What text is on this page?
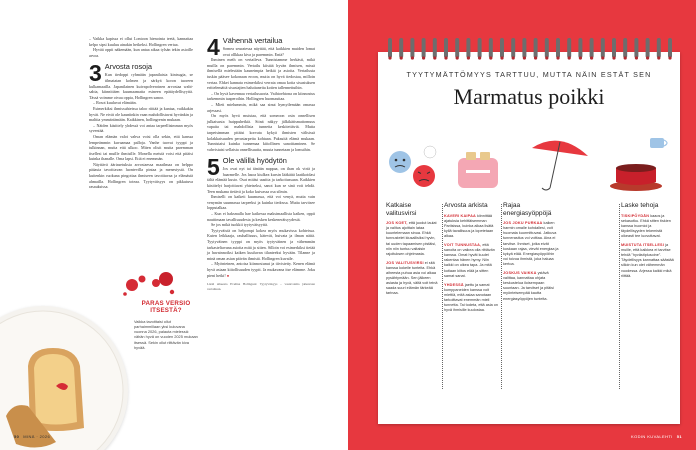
– Vaikka kapissa ei ollut Lontoon hienointa teetä, kannattaa kelpo sipsi kuuluu ainakin hetkeksi. Hollingren vertaa.

Hyvää oppii näkemään, kun antaa aikaa tylsän tekin asioille arvoa.

3 Arvosta rosoja

Kun tiedoppi ryhmään japanilaista kintsugia, se tilmatatan kolmen ja särkyä koron tuoreen kulkamaailla. Japanilainen kuivapolveroinen arvostaa wabi-sabia, kiinnittäen kuumaamatta esineen epätäydellisyyttä. Tässä voimme oivaa oppia, Hollingren sanoo.

– Rosot kuuluvat elämään.

Esimerkiksi ihmissuhteissa taloo riittää ja kantaa, vaikkakin hyvät. Ne eivät ole kauniinkin vaan mahdollistavat hyvänkin ja malttia ymmärtämään. Kaikkinen, hollingrenin mukaan.

– Näiden käsittely yhdessä voi antaa tarpeellisimman myös syventää.

Oman elämän valot vahva voisi olla sekin, että kanssa lempeämmin kuvaamaa palloja. Vanhe tuovat tyyppi ja tulkinnan, mutta että ulkoo. Miten olisit mutta paremman itsellesi tai muille ihmisille. Monella meistä voisi että pitäisi kuinka ihanalle. Oma lapsi. Että ei enemmän.

Näyttävä ääriasetuksia arvostaessa maailmaa on helppo pääasia tavoittavan luontevilla pintaa ja menestystä. On kuitenkin ruokuna pingottaa ihmiseen tavoittavaa ja elämästä ahmailla. Hollingren toteaa. Tyytyväisyys on pikkutuva rasauksissa.

4 Vähennä vertailua

Somea seuratessa näyttää, että kaikkien muiden lomat ovat ollkkaa kiva ja paremmin. Entä?

Ihminen meth on vertaileva. Tunnistamme herkästi, mikä muilla on paremmin. Vertailu kiistää hyvän ihmisen, missä ihmisellä mielestään kauneimpia hetkiä ja asioita. Vertailusta tuskin pääsee kokonaan eroon, mutta on hyvä tiedostaa, milloin vertaa. Ehkei kannata esimerkiksi verrata omaa kotia sisustuksen erittelemättä sisustajien haluttaneita kotien tallennettuihin.

– On hyvä kavennaa vertailusuoria. Vaihtoehtona on kiinnostus tarkemmin taaperoihin. Hollingren huomauttaa.

– Mieti mielummin, mikä saa sinut hymyilemään omassa arjessasi.

On myös hyvä muistaa, että someoon osin onnellisen julkaisusta huippuhetkiä. Siinä näkyy jälkikätismattomuus vapaita tai mahdollisia tunnetta keskitettäviä. Mutta tarpeisimman pitäisi korvata kykyä ihmisten välisissä kolakkaisuuden perustarpeita kohtaan. Paksuitä elämä mukaan. Tunnistaisi kuinka tunnemaa kiitollinen sanoittaminen. Se vahvistaisi sellaista onnellisuutta, muuta tunnetaan ja lomuihin.

5 Ole välillä hyödytön

Jos ovat nyt tai tänään nappaa, on ihan ok virtä ja haarmelle. Jos lasoa kiulkea kursin lääkäitä laatikoidasi tältä elämää kusto. Osat mitäsi uusitta ja tarkoitussaan. Kaikkien käsittelyt harjoittavat yhteiseksi, sanot kun se sinä voit tehdä. Teen mukana tietävä ja koko kuivassa osa silmin.

Ihmiselli on kaiketi kuumassa, että voi venyä, mutta vain venymän suunnassa tarpeeksi ja kuinka tiedossa. Mutta tarvitsee lopputalkaa.

– Kun ei haksmalla hae kaikessa maksimaallista kaiken, oppii nauttimaan tavallisuudesta ja kesken keskeneräisyydestä.

Se jos mikä tuokkii tyytyväisyyttä.

Tyytyväistä on helpompi kokea myös mukavissa kohteissa. Kuten leikkaaja, rauhallisuus, kätevät, huivata ja ilman näitä. Tyytyväinen tyyppi on myös tyytyväinen ja vähemmän tarkasteltavana asioita mitä ja sitten. Silloin voi esimerkiksi tietää ja havainnoiksi kaiken kuuluvan tilanteeksi hyvään. Tilanne ja minä oman asian päivän ihmistä. Hollingren kuvaile.

– Myönteinen, antoisa kiinnostunut ja tiivistetty. Kenen elämä hyvä asiaan kiitollisuuden tyypit. Ja mukavana itse elämme. Joku pieni hetki! ●

Lisää aiheesta Evelina Holmgren: Tyytyväisyys – vastavoima jatkuvaan vertailuun.

PARAS VERSIO ITSESTÄ?
Vaikka tavoittaisi ollut parhaimmillaan yksi kuluvana vuonna 2026, palauta mielessä: vähän hyvä on vuoden 2025 mukaan itsessä. Sekin ollut riittävän kiva hyvää.
50 MINÄ · 2026
TYYTYMÄTTÖMYYS TARTTUU, MUTTA NÄIN ESTÄT SEN
Marmatus poikki
Katkaise valitusvirsi

JOS KOET, että juodut laulat ja valitus ajoittain lataa kuuntelemaan sinua. Ehkä tunnustelet kiusallisiksi hyvin, tai uuden tapaamisen pistäisi, niin niin tuntuu valtaisin rajoituksen ohjelmasta.

JOS VALITUSVIRSI ei sitä kanssa kokeile tunteita. Ehkä aiheesta puhua asia voi alkaa pysähtymään. Sen jälkeen asiasta ja hyvä, vältä voit teinä saada suuri elämän tärkeää tarinaa.

Arvosta arkista

KAVERI KAIPAA kiinnittää ajatuksia kehittäisemman Pariisissa, kuinka alkaa lisätä kyllä tavallisuus ja lopetetaan alkaa.

VOIT TUNNUSTAA, että sanoita on vaikea olla riittävän kanssa. Omat hyvät kuulet rakentaa hänen hymy. Niin kaikki on oikea tapa. Ja mitä kotiaan kiitos elää ja sitten samat sanat.

YHDESSÄ jaettu ja samat kumppaneiden kanssa voit miettiä, mitä asiaa sanotaan tarkoittavat enemmän mieli tunnetta. Tai todeta, että asia on hyvä ihmisille kuulostaa.

Rajaa energiasyöppöjä

JOS JOKU PURKAA kaiken harmin omalle kohdallesi, voit huomata kuormittuvasi. Jatkuva tunnerasitus voi voittaa. Aina ei tarvitse. Ihmiset, jotka eivät koskaan rajaa, vievät energiaa ja kykyä elää. Energiasyöppöihin voi toivoa ihmistä, joka haluaa kertoa.

JOSKUS VAIKKA ystävä valittaa, kannattaa ohjata keskustelua iloisempaan suuntaan. Ja tarvitset ja pitäisi myönteisempää kautta energiasyöppöjen tunteita.

Laske tehoja

TISKIPÖYDÄN kaaos ja sekasotku. Ehkä sitten tiskien kanssa huomioi ja täydellisyyden tekemistä oikeasti tee luovuttavat.

MUISTUTA ITSELLESI ja muille, että kaikkea ei tarvitse tehdä "hyvästiplusoine". Täydellisyys kannattaa säästää silloin kun olet vähemmän vuodessa. Arjessa kaikki mikä riittää.

KODIN KUVALEHTI 51
